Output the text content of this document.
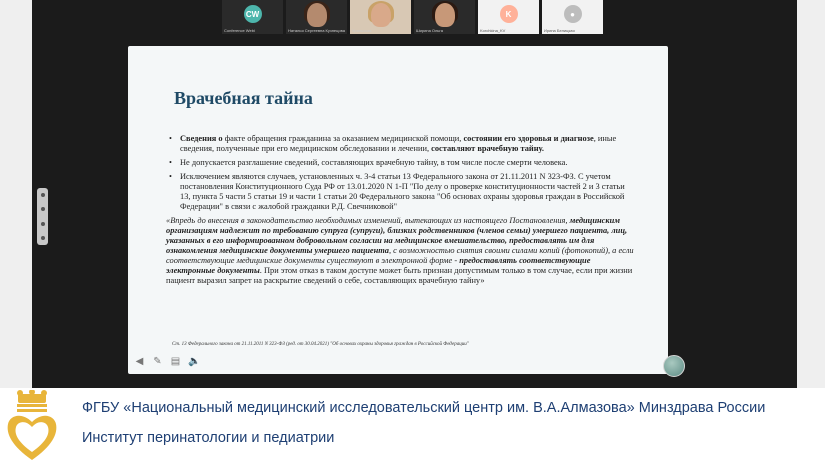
CW
Conference Webi	Наталья Сергеевна Кузнецова Уральская	Ширина Ольга
K
Korchkina_KV
●
Ирина Белицкая
Врачебная тайна
• Сведения о факте обращения гражданина за оказанием медицинской помощи, состоянии его здоровья и диагнозе, иные сведения, полученные при его медицинском обследовании и лечении, составляют врачебную тайну.
• Не допускается разглашение сведений, составляющих врачебную тайну, в том числе после смерти человека.
• Исключением являются случаев, установленных ч. 3-4 статьи 13 Федерального закона от 21.11.2011 N 323-ФЗ. С учетом постановления Конституционного Суда РФ от 13.01.2020 N 1-П "По делу о проверке конституционности частей 2 и 3 статьи 13, пункта 5 части 5 статьи 19 и части 1 статьи 20 Федерального закона "Об основах охраны здоровья граждан в Российской Федерации" в связи с жалобой гражданки Р.Д. Свечниковой"
«Впредь до внесения в законодательство необходимых изменений, вытекающих из настоящего Постановления, медицинским организациям надлежит по требованию супруга (супруги), близких родственников (членов семьи) умершего пациента, лиц, указанных в его информированном добровольном согласии на медицинское вмешательство, предоставлять им для ознакомления медицинские документы умершего пациента, с возможностью снятия своими силами копий (фотокопий), а если соответствующие медицинские документы существуют в электронной форме - предоставлять соответствующие электронные документы. При этом отказ в таком доступе может быть признан допустимым только в том случае, если при жизни пациент выразил запрет на раскрытие сведений о себе, составляющих врачебную тайну»
Ст. 13 Федерального закона от 21.11.2011 N 323-ФЗ (ред. от 30.04.2021) "Об основах охраны здоровья граждан в Российской Федерации"
◀ ✎ ▤ 🔈
ФГБУ «Национальный медицинский исследовательский центр им. В.А.Алмазова» Минздрава России
Институт перинатологии и педиатрии
